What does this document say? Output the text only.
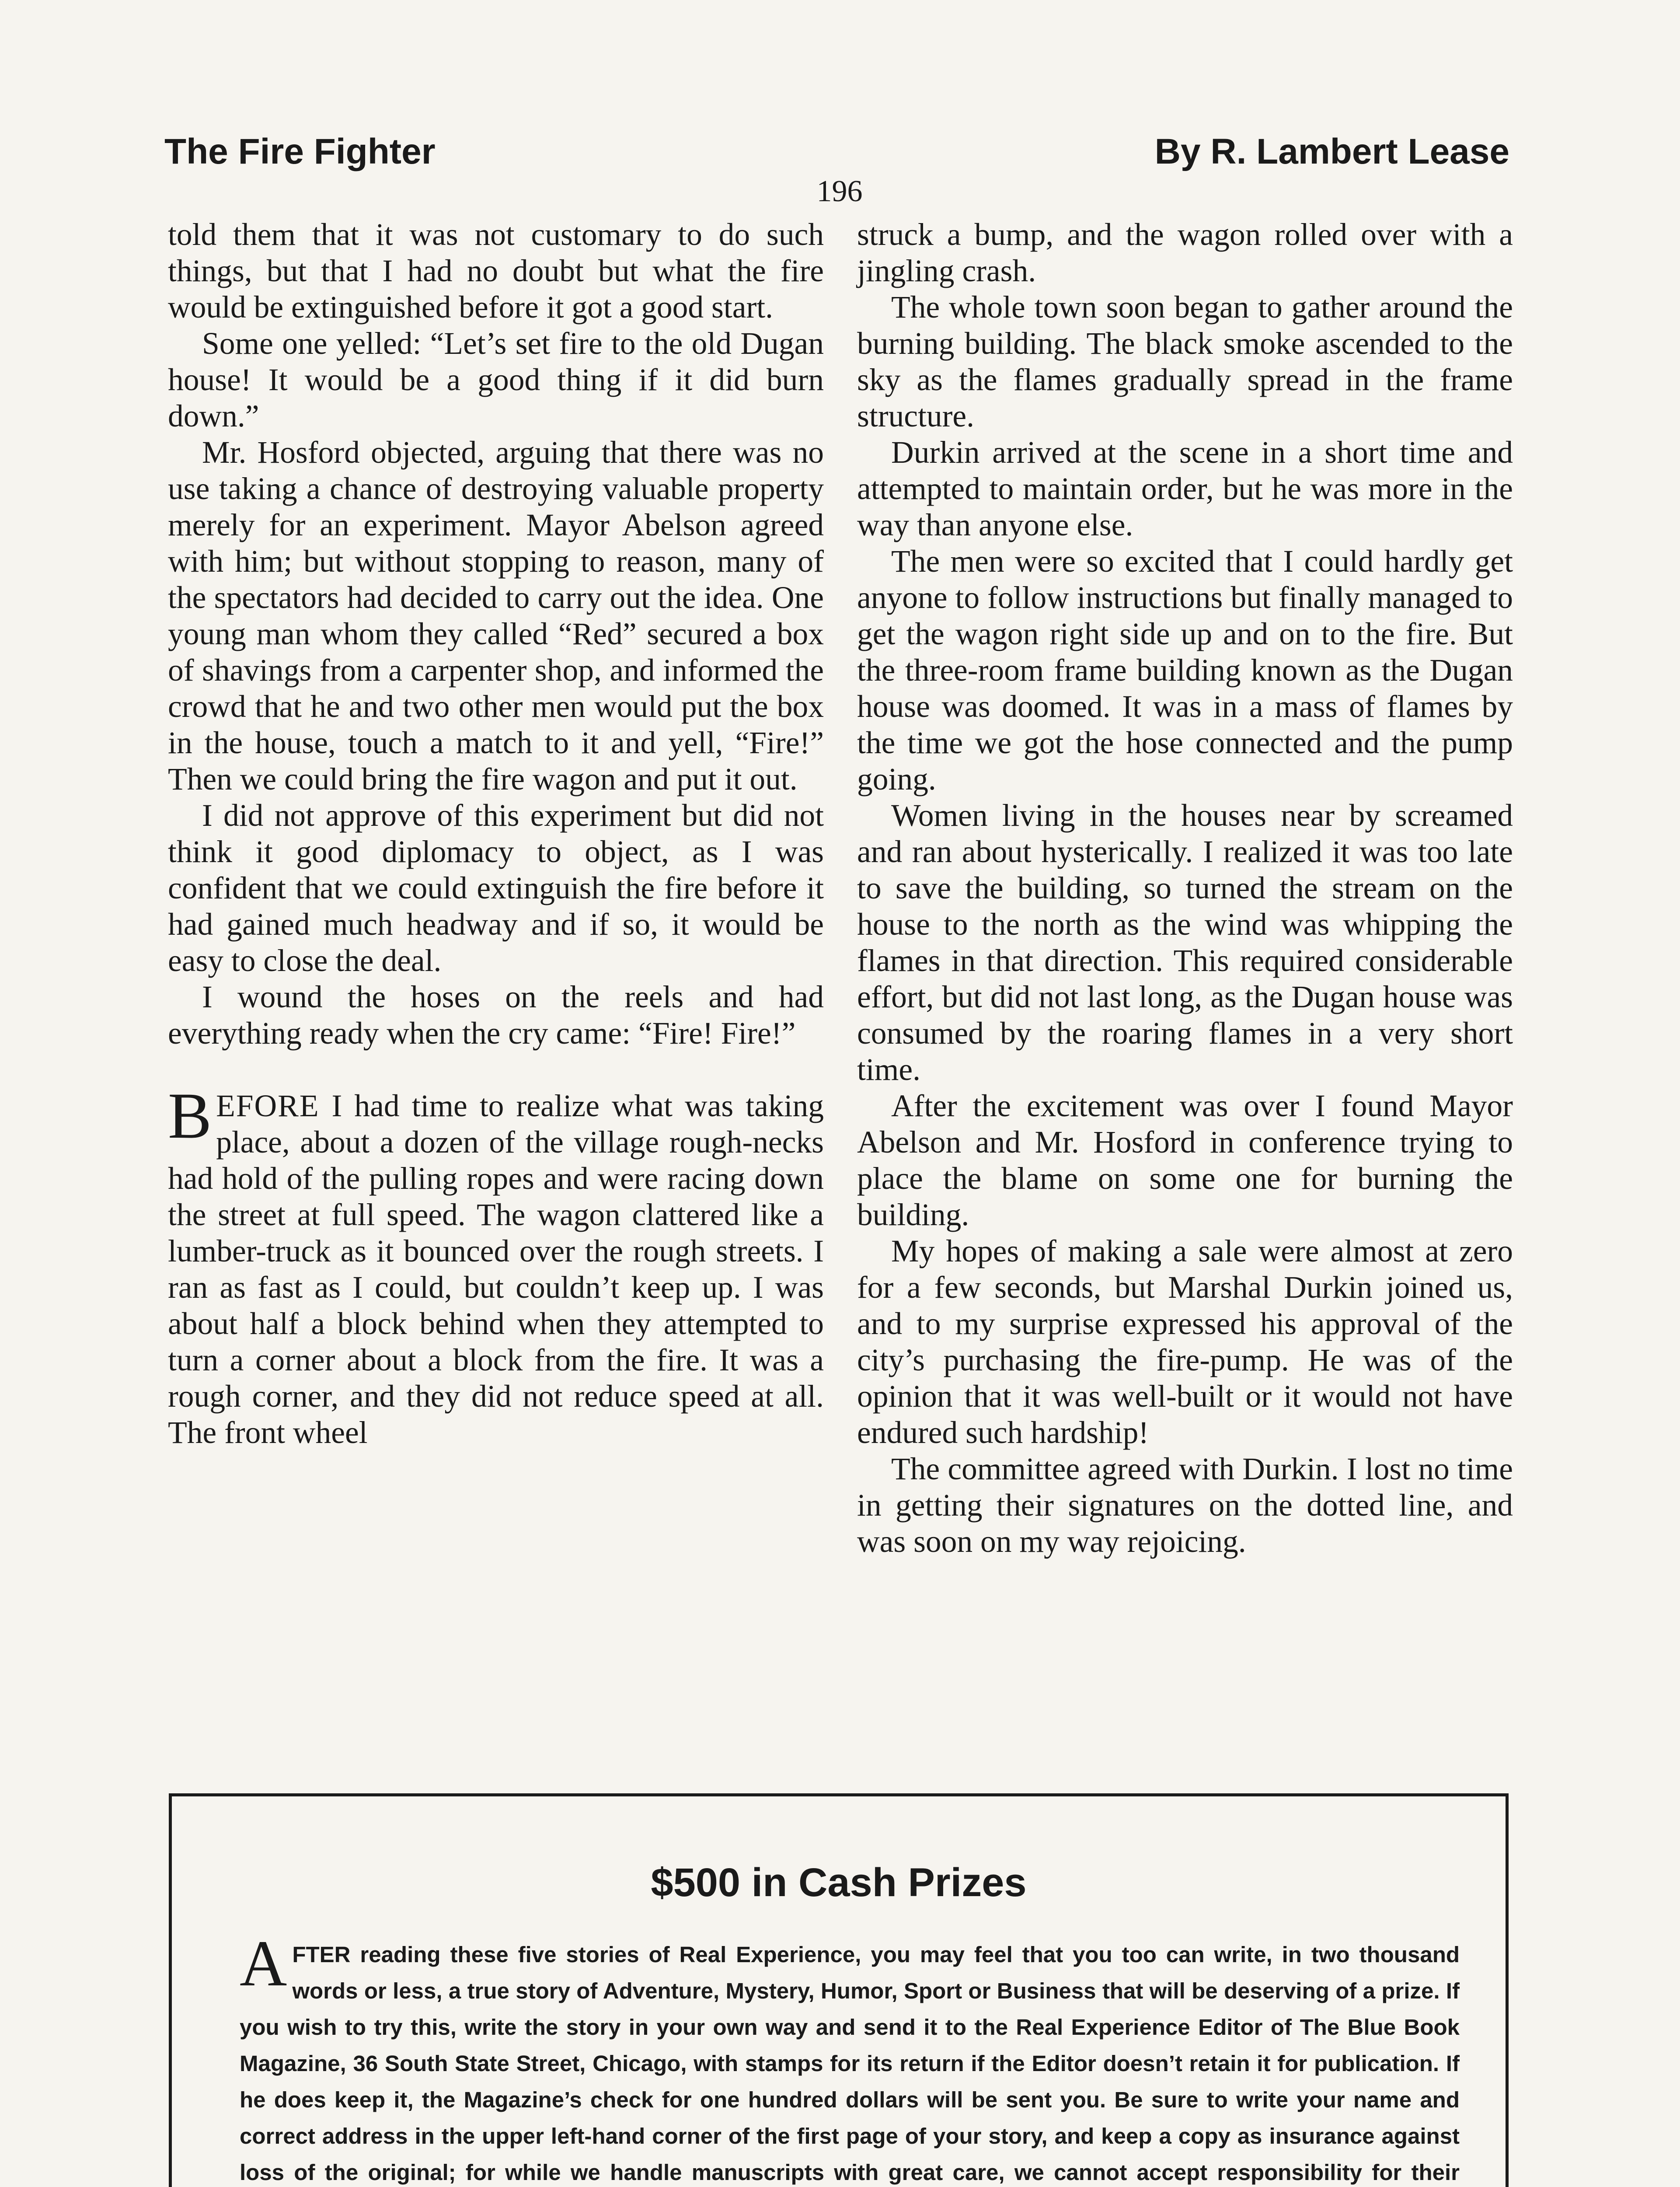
The Fire Fighter	By R. Lambert Lease
196

told them that it was not customary to do such things, but that I had no doubt but what the fire would be extinguished before it got a good start.

Some one yelled: “Let’s set fire to the old Dugan house! It would be a good thing if it did burn down.”

Mr. Hosford objected, arguing that there was no use taking a chance of destroying valuable property merely for an experiment. Mayor Abelson agreed with him; but without stopping to reason, many of the spectators had decided to carry out the idea. One young man whom they called “Red” secured a box of shavings from a carpenter shop, and informed the crowd that he and two other men would put the box in the house, touch a match to it and yell, “Fire!” Then we could bring the fire wagon and put it out.

I did not approve of this experiment but did not think it good diplomacy to object, as I was confident that we could extinguish the fire before it had gained much headway and if so, it would be easy to close the deal.

I wound the hoses on the reels and had everything ready when the cry came: “Fire! Fire!”

BEFORE I had time to realize what was taking place, about a dozen of the village rough-necks had hold of the pulling ropes and were racing down the street at full speed. The wagon clattered like a lumber-truck as it bounced over the rough streets. I ran as fast as I could, but couldn’t keep up. I was about half a block behind when they attempted to turn a corner about a block from the fire. It was a rough corner, and they did not reduce speed at all. The front wheel

struck a bump, and the wagon rolled over with a jingling crash.

The whole town soon began to gather around the burning building. The black smoke ascended to the sky as the flames gradually spread in the frame structure.

Durkin arrived at the scene in a short time and attempted to maintain order, but he was more in the way than anyone else.

The men were so excited that I could hardly get anyone to follow instructions but finally managed to get the wagon right side up and on to the fire. But the three-room frame building known as the Dugan house was doomed. It was in a mass of flames by the time we got the hose connected and the pump going.

Women living in the houses near by screamed and ran about hysterically. I realized it was too late to save the building, so turned the stream on the house to the north as the wind was whipping the flames in that direction. This required considerable effort, but did not last long, as the Dugan house was consumed by the roaring flames in a very short time.

After the excitement was over I found Mayor Abelson and Mr. Hosford in conference trying to place the blame on some one for burning the building.

My hopes of making a sale were almost at zero for a few seconds, but Marshal Durkin joined us, and to my surprise expressed his approval of the city’s purchasing the fire-pump. He was of the opinion that it was well-built or it would not have endured such hardship!

The committee agreed with Durkin. I lost no time in getting their signatures on the dotted line, and was soon on my way rejoicing.

$500 in Cash Prizes
AFTER reading these five stories of Real Experience, you may feel that you too can write, in two thousand words or less, a true story of Adventure, Mystery, Humor, Sport or Business that will be deserving of a prize. If you wish to try this, write the story in your own way and send it to the Real Experience Editor of The Blue Book Magazine, 36 South State Street, Chicago, with stamps for its return if the Editor doesn’t retain it for publication. If he does keep it, the Magazine’s check for one hundred dollars will be sent you. Be sure to write your name and correct address in the upper left-hand corner of the first page of your story, and keep a copy as insurance against loss of the original; for while we handle manuscripts with great care, we cannot accept responsibility for their
